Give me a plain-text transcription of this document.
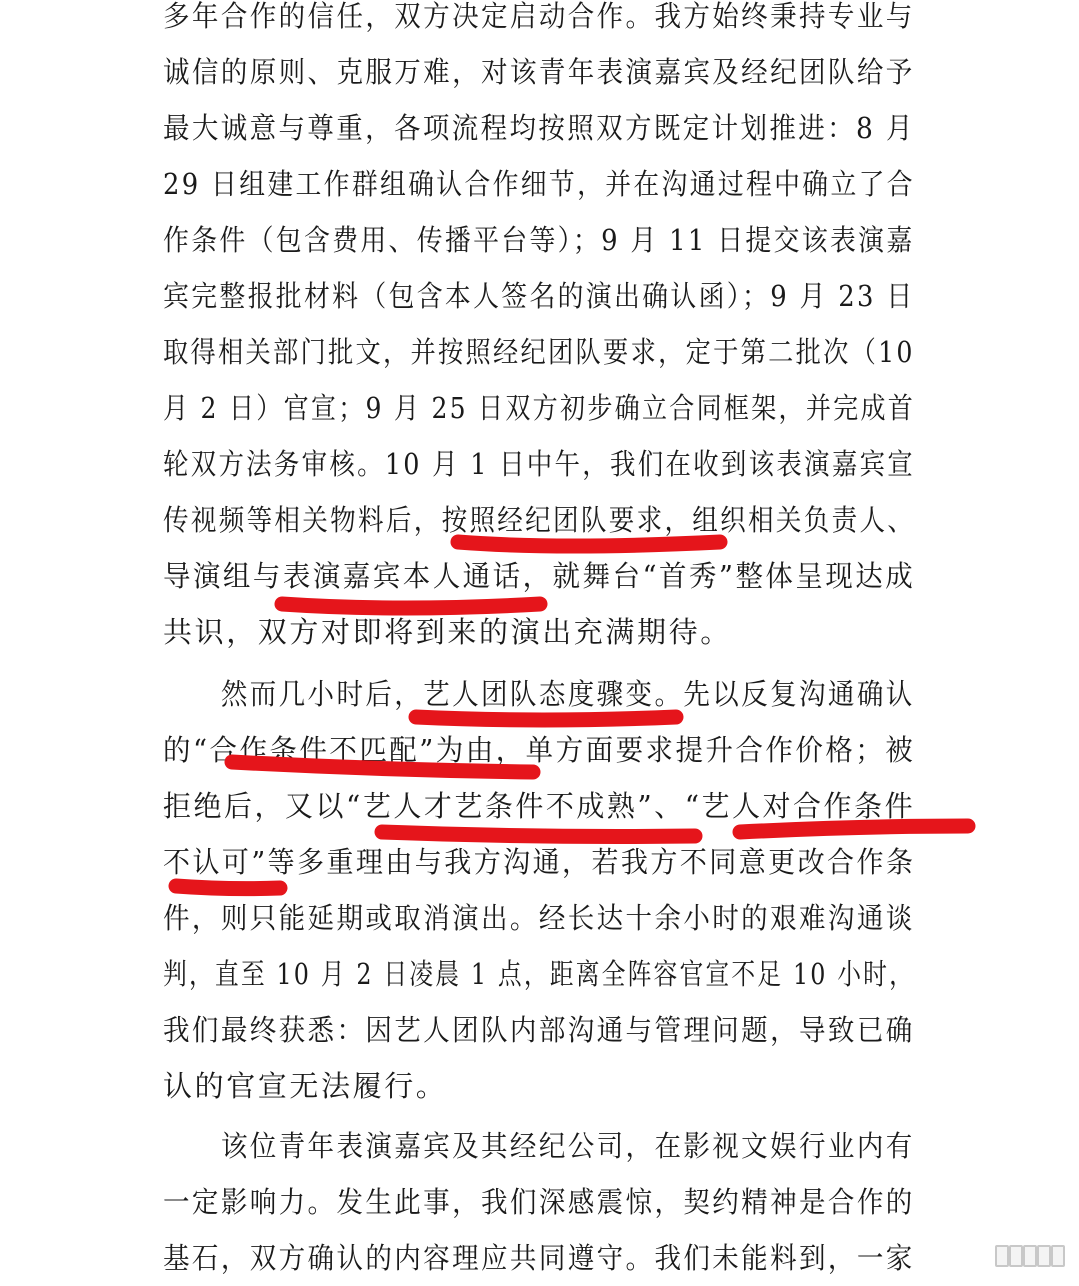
多年合作的信任，双方决定启动合作。我方始终秉持专业与
诚信的原则、克服万难，对该青年表演嘉宾及经纪团队给予
最大诚意与尊重，各项流程均按照双方既定计划推进：8 月
29 日组建工作群组确认合作细节，并在沟通过程中确立了合
作条件（包含费用、传播平台等）；9 月 11 日提交该表演嘉
宾完整报批材料（包含本人签名的演出确认函）；9 月 23 日
取得相关部门批文，并按照经纪团队要求，定于第二批次（10
月 2 日）官宣；9 月 25 日双方初步确立合同框架，并完成首
轮双方法务审核。10 月 1 日中午，我们在收到该表演嘉宾宣
传视频等相关物料后，按照经纪团队要求，组织相关负责人、
导演组与表演嘉宾本人通话，就舞台“首秀”整体呈现达成
共识，双方对即将到来的演出充满期待。
　　然而几小时后，艺人团队态度骤变。先以反复沟通确认
的“合作条件不匹配”为由，单方面要求提升合作价格；被
拒绝后，又以“艺人才艺条件不成熟”、“艺人对合作条件
不认可”等多重理由与我方沟通，若我方不同意更改合作条
件，则只能延期或取消演出。经长达十余小时的艰难沟通谈
判，直至 10 月 2 日凌晨 1 点，距离全阵容官宣不足 10 小时，
我们最终获悉：因艺人团队内部沟通与管理问题，导致已确
认的官宣无法履行。
　　该位青年表演嘉宾及其经纪公司，在影视文娱行业内有
一定影响力。发生此事，我们深感震惊，契约精神是合作的
基石，双方确认的内容理应共同遵守。我们未能料到，一家
